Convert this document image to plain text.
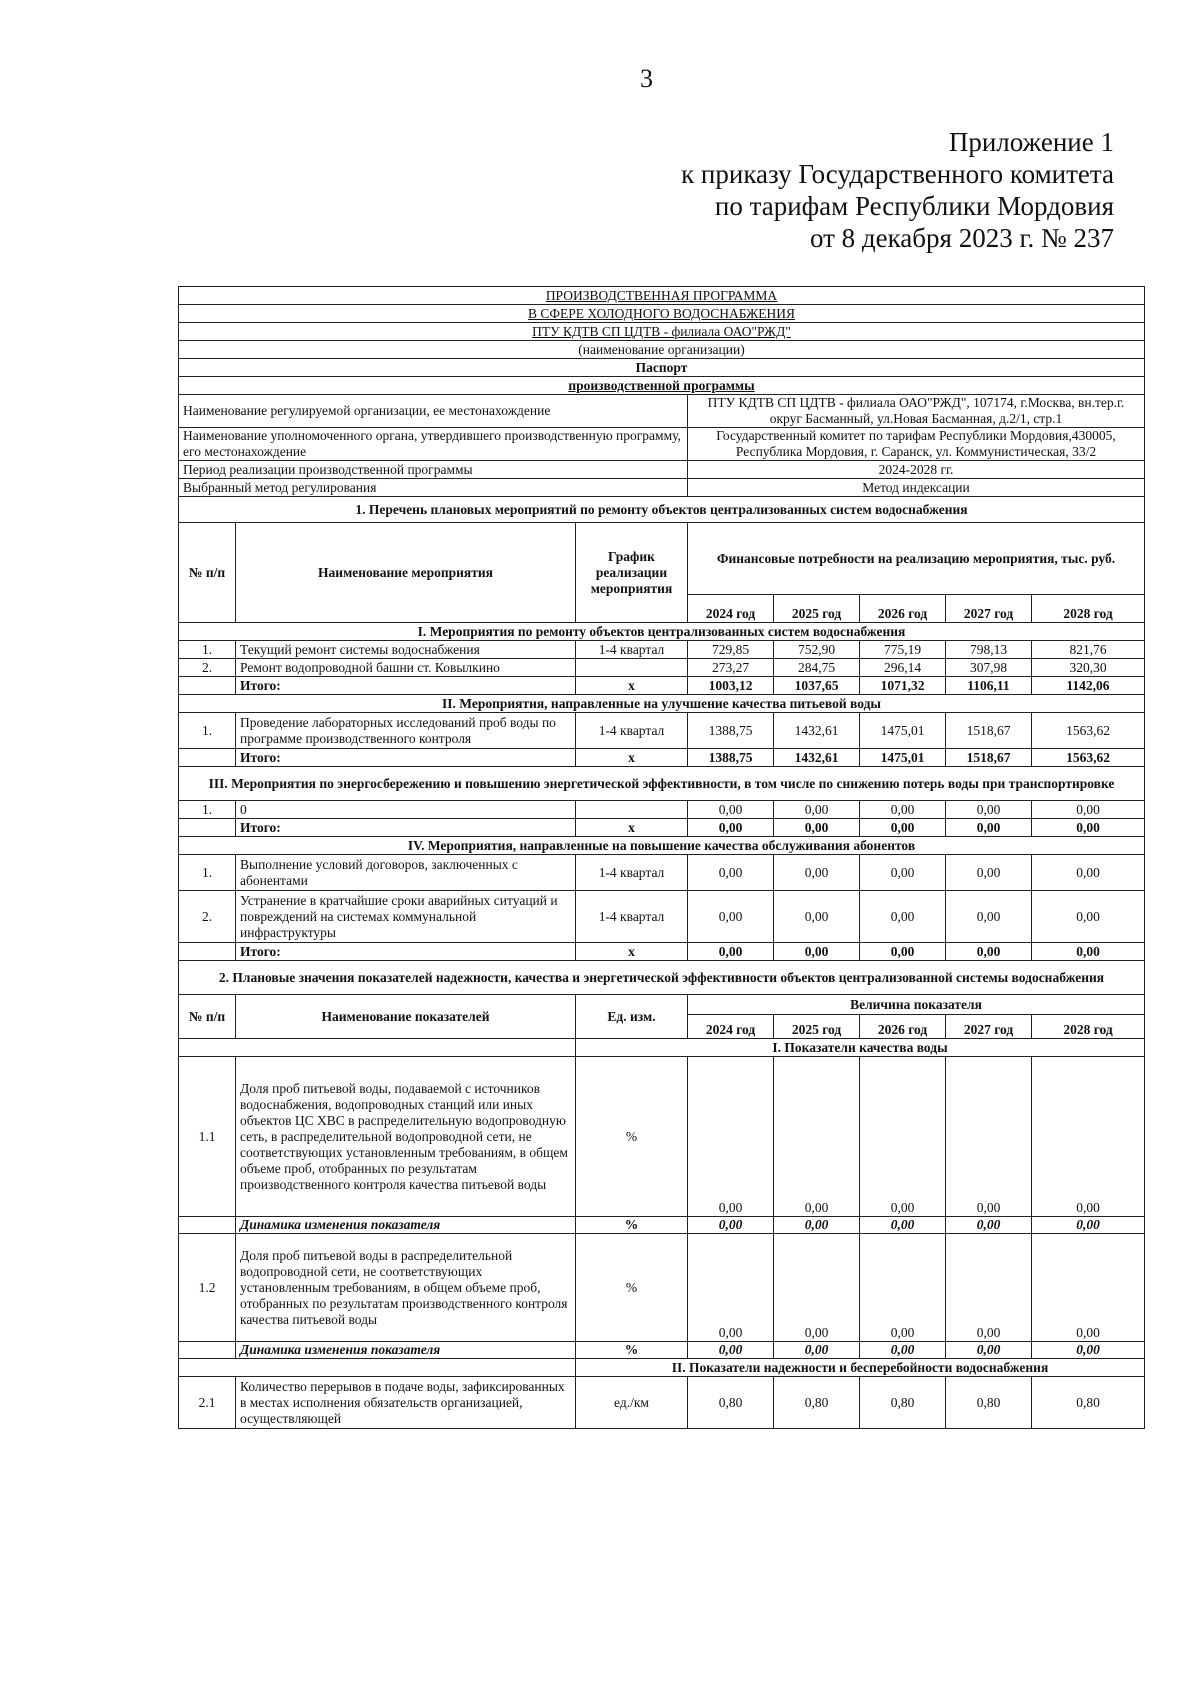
3
Приложение 1
к приказу Государственного комитета
по тарифам Республики Мордовия
от 8 декабря 2023 г. № 237
ПРОИЗВОДСТВЕННАЯ ПРОГРАММА							
В СФЕРЕ ХОЛОДНОГО ВОДОСНАБЖЕНИЯ							
ПТУ КДТВ СП ЦДТВ - филиала ОАО"РЖД"							
(наименование организации)							
Паспорт							
производственной программы							
Наименование регулируемой организации, ее местонахождение			ПТУ КДТВ СП ЦДТВ - филиала ОАО"РЖД", 107174, г.Москва, вн.тер.г. округ Басманный, ул.Новая Басманная, д.2/1, стр.1				
Наименование уполномоченного органа, утвердившего производственную программу, его местонахождение			Государственный комитет по тарифам Республики Мордовия,430005, Республика Мордовия, г. Саранск, ул. Коммунистическая, 33/2				
Период реализации производственной программы			2024-2028 гг.				
Выбранный метод регулирования			Метод индексации				
1. Перечень плановых мероприятий по ремонту объектов централизованных систем водоснабжения							
№ п/п	Наименование мероприятия	График реализации мероприятия	Финансовые потребности на реализацию мероприятия, тыс. руб.				
			2024 год	2025 год	2026 год	2027 год	2028 год
I. Мероприятия по ремонту объектов централизованных систем водоснабжения							
1.	Текущий ремонт системы водоснабжения	1-4 квартал	729,85	752,90	775,19	798,13	821,76
2.	Ремонт водопроводной башни ст. Ковылкино		273,27	284,75	296,14	307,98	320,30
	Итого:	х	1003,12	1037,65	1071,32	1106,11	1142,06
II. Мероприятия, направленные на улучшение качества питьевой воды							
1.	Проведение лабораторных исследований проб воды по программе производственного контроля	1-4 квартал	1388,75	1432,61	1475,01	1518,67	1563,62
	Итого:	х	1388,75	1432,61	1475,01	1518,67	1563,62
III. Мероприятия по энергосбережению и повышению энергетической эффективности, в том числе по снижению потерь воды при транспортировке							
1.	0		0,00	0,00	0,00	0,00	0,00
	Итого:	х	0,00	0,00	0,00	0,00	0,00
IV. Мероприятия, направленные на повышение качества обслуживания абонентов							
1.	Выполнение условий договоров, заключенных с абонентами	1-4 квартал	0,00	0,00	0,00	0,00	0,00
2.	Устранение в кратчайшие сроки аварийных ситуаций и повреждений на системах коммунальной инфраструктуры	1-4 квартал	0,00	0,00	0,00	0,00	0,00
	Итого:	х	0,00	0,00	0,00	0,00	0,00
2. Плановые значения показателей надежности, качества и энергетической эффективности объектов централизованной системы водоснабжения							
№ п/п	Наименование показателей	Ед. изм.	Величина показателя				
			2024 год	2025 год	2026 год	2027 год	2028 год
		I. Показатели качества воды					
1.1	Доля проб питьевой воды, подаваемой с источников водоснабжения, водопроводных станций или иных объектов ЦС ХВС в распределительную водопроводную сеть, в распределительной водопроводной сети, не соответствующих установленным требованиям, в общем объеме проб, отобранных по результатам производственного контроля качества питьевой воды	%	0,00	0,00	0,00	0,00	0,00
	Динамика изменения показателя	%	0,00	0,00	0,00	0,00	0,00
1.2	Доля проб питьевой воды в распределительной водопроводной сети, не соответствующих установленным требованиям, в общем объеме проб, отобранных по результатам производственного контроля качества питьевой воды	%	0,00	0,00	0,00	0,00	0,00
	Динамика изменения показателя	%	0,00	0,00	0,00	0,00	0,00
		II. Показатели надежности и бесперебойности водоснабжения					
2.1	Количество перерывов в подаче воды, зафиксированных в местах исполнения обязательств организацией, осуществляющей	ед./км	0,80	0,80	0,80	0,80	0,80
